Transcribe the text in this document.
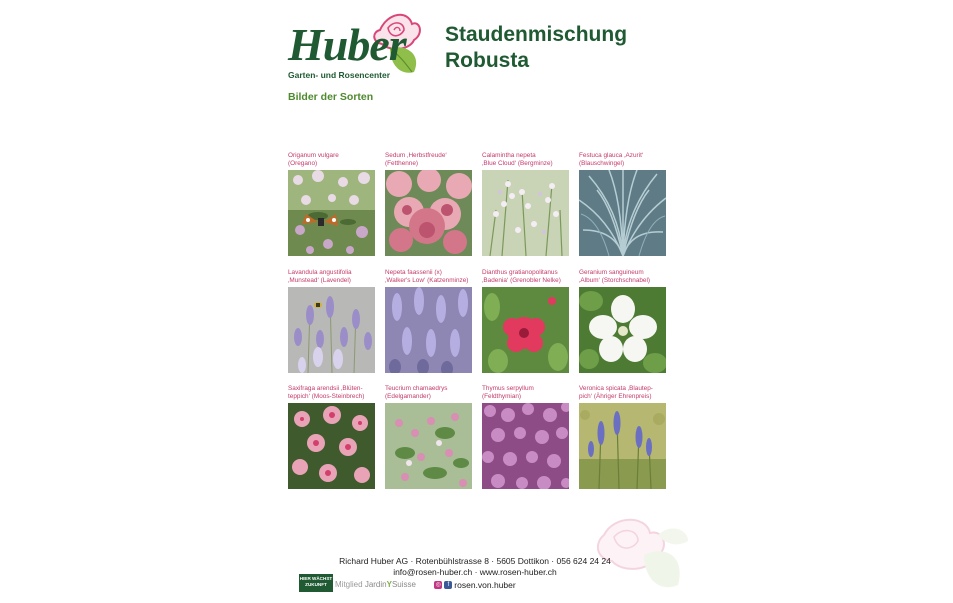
Huber
Garten- und Rosencenter
Staudenmischung
Robusta
Bilder der Sorten
Origanum vulgare
(Oregano)
Sedum ‚Herbstfreude‘
(Fetthenne)
Calamintha nepeta
‚Blue Cloud‘ (Bergminze)
Festuca glauca ‚Azurit‘
(Blauschwingel)
Lavandula angustifolia
‚Munstead‘ (Lavendel)
Nepeta faassenii (x)
‚Walker's Low‘ (Katzenminze)
Dianthus gratianopolitanus
‚Badenia‘ (Grenobler Nelke)
Geranium sanguineum
‚Album‘ (Storchschnabel)
Saxifraga arendsii ‚Blüten-
teppich‘ (Moos-Steinbrech)
Teucrium chamaedrys
(Edelgamander)
Thymus serpyllum
(Feldthymian)
Veronica spicata ‚Blautep-
pich‘ (Ähriger Ehrenpreis)
Richard Huber AG · Rotenbühlstrasse 8 · 5605 Dottikon · 056 624 24 24
info@rosen-huber.ch · www.rosen-huber.ch
◎	f rosen.von.huber
HIER WÄCHST
ZUKUNFT	Mitglied JardinYSuisse
